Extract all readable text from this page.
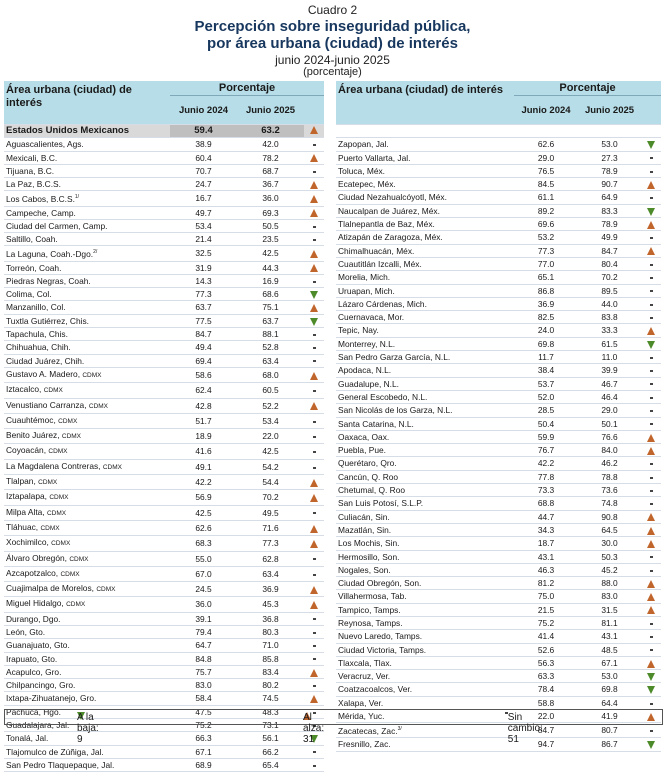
Cuadro 2
Percepción sobre inseguridad pública,
por área urbana (ciudad) de interés
junio 2024-junio 2025
(porcentaje)
Área urbana (ciudad) de interés	Porcentaje		
	Junio 2024	Junio 2025	
Estados Unidos Mexicanos	59.4	63.2	
Aguascalientes, Ags.	38.9	42.0	
Mexicali, B.C.	60.4	78.2	
Tijuana, B.C.	70.7	68.7	
La Paz, B.C.S.	24.7	36.7	
Los Cabos, B.C.S.$^{1/}$	16.7	36.0	
Campeche, Camp.	49.7	69.3	
Ciudad del Carmen, Camp.	53.4	50.5	
Saltillo, Coah.	21.4	23.5	
La Laguna, Coah.-Dgo.$^{2/}$	32.5	42.5	
Torreón, Coah.	31.9	44.3	
Piedras Negras, Coah.	14.3	16.9	
Colima, Col.	77.3	68.6	
Manzanillo, Col.	63.7	75.1	
Tuxtla Gutiérrez, Chis.	77.5	63.7	
Tapachula, Chis.	84.7	88.1	
Chihuahua, Chih.	49.4	52.8	
Ciudad Juárez, Chih.	69.4	63.4	
Gustavo A. Madero, CDMX	58.6	68.0	
Iztacalco, CDMX	62.4	60.5	
Venustiano Carranza, CDMX	42.8	52.2	
Cuauhtémoc, CDMX	51.7	53.4	
Benito Juárez, CDMX	18.9	22.0	
Coyoacán, CDMX	41.6	42.5	
La Magdalena Contreras, CDMX	49.1	54.2	
Tlalpan, CDMX	42.2	54.4	
Iztapalapa, CDMX	56.9	70.2	
Milpa Alta, CDMX	42.5	49.5	
Tláhuac, CDMX	62.6	71.6	
Xochimilco, CDMX	68.3	77.3	
Álvaro Obregón, CDMX	55.0	62.8	
Azcapotzalco, CDMX	67.0	63.4	
Cuajimalpa de Morelos, CDMX	24.5	36.9	
Miguel Hidalgo, CDMX	36.0	45.3	
Durango, Dgo.	39.1	36.8	
León, Gto.	79.4	80.3	
Guanajuato, Gto.	64.7	71.0	
Irapuato, Gto.	84.8	85.8	
Acapulco, Gro.	75.7	83.4	
Chilpancingo, Gro.	83.0	80.2	
Ixtapa-Zihuatanejo, Gro.	58.4	74.5	
Pachuca, Hgo.	47.5	48.3	
Guadalajara, Jal.	75.2	73.1	
Tonalá, Jal.	66.3	56.1	
Tlajomulco de Zúñiga, Jal.	67.1	66.2	
San Pedro Tlaquepaque, Jal.	68.9	65.4	
Área urbana (ciudad) de interés	Porcentaje		
	Junio 2024	Junio 2025	

Zapopan, Jal.	62.6	53.0	
Puerto Vallarta, Jal.	29.0	27.3	
Toluca, Méx.	76.5	78.9	
Ecatepec, Méx.	84.5	90.7	
Ciudad Nezahualcóyotl, Méx.	61.1	64.9	
Naucalpan de Juárez, Méx.	89.2	83.3	
Tlalnepantla de Baz, Méx.	69.6	78.9	
Atizapán de Zaragoza, Méx.	53.2	49.9	
Chimalhuacán, Méx.	77.3	84.7	
Cuautitlán Izcalli, Méx.	77.0	80.4	
Morelia, Mich.	65.1	70.2	
Uruapan, Mich.	86.8	89.5	
Lázaro Cárdenas, Mich.	36.9	44.0	
Cuernavaca, Mor.	82.5	83.8	
Tepic, Nay.	24.0	33.3	
Monterrey, N.L.	69.8	61.5	
San Pedro Garza García, N.L.	11.7	11.0	
Apodaca, N.L.	38.4	39.9	
Guadalupe, N.L.	53.7	46.7	
General Escobedo, N.L.	52.0	46.4	
San Nicolás de los Garza, N.L.	28.5	29.0	
Santa Catarina, N.L.	50.4	50.1	
Oaxaca, Oax.	59.9	76.6	
Puebla, Pue.	76.7	84.0	
Querétaro, Qro.	42.2	46.2	
Cancún, Q. Roo	77.8	78.8	
Chetumal, Q. Roo	73.3	73.6	
San Luis Potosí, S.L.P.	68.8	74.8	
Culiacán, Sin.	44.7	90.8	
Mazatlán, Sin.	34.3	64.5	
Los Mochis, Sin.	18.7	30.0	
Hermosillo, Son.	43.1	50.3	
Nogales, Son.	46.3	45.2	
Ciudad Obregón, Son.	81.2	88.0	
Villahermosa, Tab.	75.0	83.0	
Tampico, Tamps.	21.5	31.5	
Reynosa, Tamps.	75.2	81.1	
Nuevo Laredo, Tamps.	41.4	43.1	
Ciudad Victoria, Tamps.	52.6	48.5	
Tlaxcala, Tlax.	56.3	67.1	
Veracruz, Ver.	63.3	53.0	
Coatzacoalcos, Ver.	78.4	69.8	
Xalapa, Ver.	58.8	64.4	
Mérida, Yuc.	22.0	41.9	
Zacatecas, Zac.$^{3/}$	84.7	80.7	
Fresnillo, Zac.	94.7	86.7	
A la baja: 9
Al alza: 31

Sin cambio: 51
